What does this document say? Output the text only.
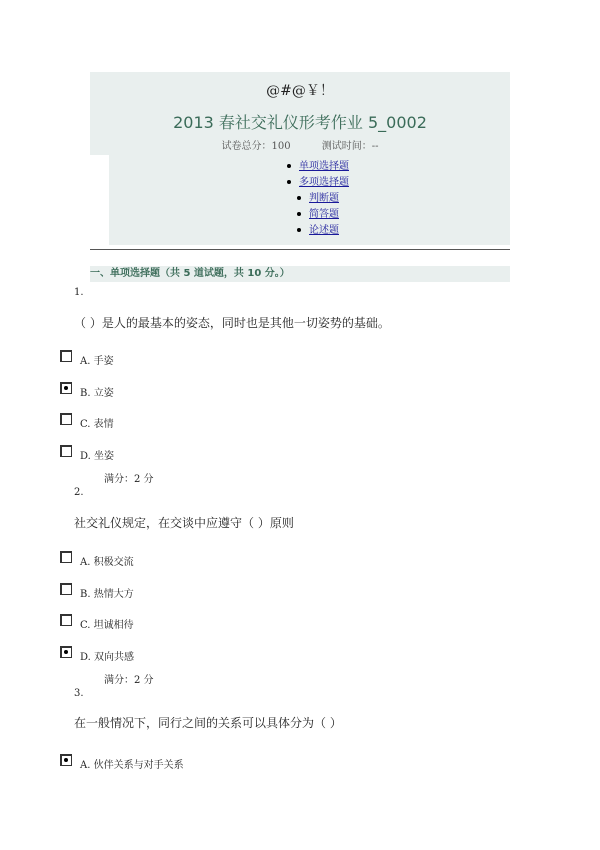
@#@￥！
2013 春社交礼仪形考作业 5_0002
试卷总分：100	测试时间：--
单项选择题
多项选择题
判断题
简答题
论述题
一、单项选择题（共 5 道试题，共 10 分。）
1.
（ ）是人的最基本的姿态，同时也是其他一切姿势的基础。
A. 手姿
B. 立姿
C. 表情
D. 坐姿
满分：2 分
2.
社交礼仪规定，在交谈中应遵守（ ）原则
A. 积极交流
B. 热情大方
C. 坦诚相待
D. 双向共感
满分：2 分
3.
在一般情况下，同行之间的关系可以具体分为（ ）
A. 伙伴关系与对手关系
